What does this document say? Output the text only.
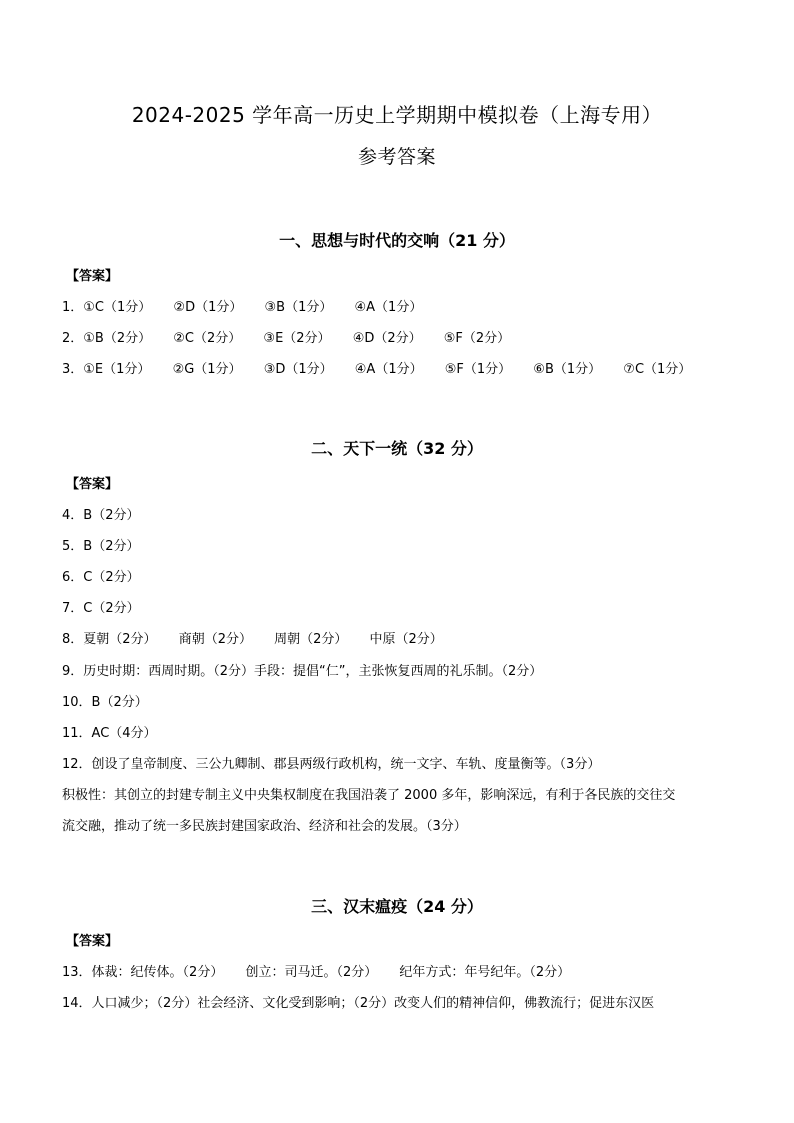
2024-2025 学年高一历史上学期期中模拟卷（上海专用）
参考答案
一、思想与时代的交响（21 分）
【答案】
1．①C（1分） ②D（1分） ③B（1分） ④A（1分）
2．①B（2分） ②C（2分） ③E（2分） ④D（2分） ⑤F（2分）
3．①E（1分） ②G（1分） ③D（1分） ④A（1分） ⑤F（1分） ⑥B（1分） ⑦C（1分）
二、天下一统（32 分）
【答案】
4．B（2分）
5．B（2分）
6．C（2分）
7．C（2分）
8．夏朝（2分） 商朝（2分） 周朝（2分） 中原（2分）
9．历史时期：西周时期。（2分）手段：提倡“仁”，主张恢复西周的礼乐制。（2分）
10．B（2分）
11．AC（4分）
12．创设了皇帝制度、三公九卿制、郡县两级行政机构，统一文字、车轨、度量衡等。（3分）
积极性：其创立的封建专制主义中央集权制度在我国沿袭了 2000 多年，影响深远，有利于各民族的交往交
流交融，推动了统一多民族封建国家政治、经济和社会的发展。（3分）
三、汉末瘟疫（24 分）
【答案】
13．体裁：纪传体。（2分） 创立：司马迁。（2分） 纪年方式：年号纪年。（2分）
14．人口减少；（2分）社会经济、文化受到影响；（2分）改变人们的精神信仰，佛教流行；促进东汉医
